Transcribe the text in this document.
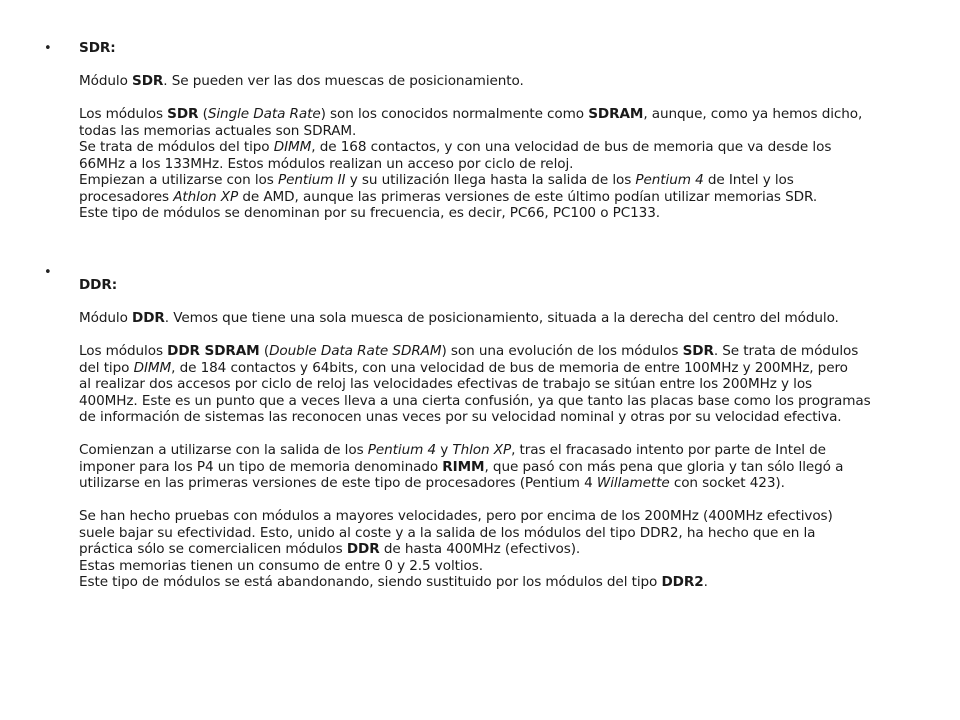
• SDR:
Módulo SDR. Se pueden ver las dos muescas de posicionamiento.
Los módulos SDR (Single Data Rate) son los conocidos normalmente como SDRAM, aunque, como ya hemos dicho,
todas las memorias actuales son SDRAM.
Se trata de módulos del tipo DIMM, de 168 contactos, y con una velocidad de bus de memoria que va desde los
66MHz a los 133MHz. Estos módulos realizan un acceso por ciclo de reloj.
Empiezan a utilizarse con los Pentium II y su utilización llega hasta la salida de los Pentium 4 de Intel y los
procesadores Athlon XP de AMD, aunque las primeras versiones de este último podían utilizar memorias SDR.
Este tipo de módulos se denominan por su frecuencia, es decir, PC66, PC100 o PC133.
•
DDR:
Módulo DDR. Vemos que tiene una sola muesca de posicionamiento, situada a la derecha del centro del módulo.
Los módulos DDR SDRAM (Double Data Rate SDRAM) son una evolución de los módulos SDR. Se trata de módulos
del tipo DIMM, de 184 contactos y 64bits, con una velocidad de bus de memoria de entre 100MHz y 200MHz, pero
al realizar dos accesos por ciclo de reloj las velocidades efectivas de trabajo se sitúan entre los 200MHz y los
400MHz. Este es un punto que a veces lleva a una cierta confusión, ya que tanto las placas base como los programas
de información de sistemas las reconocen unas veces por su velocidad nominal y otras por su velocidad efectiva.
Comienzan a utilizarse con la salida de los Pentium 4 y Thlon XP, tras el fracasado intento por parte de Intel de
imponer para los P4 un tipo de memoria denominado RIMM, que pasó con más pena que gloria y tan sólo llegó a
utilizarse en las primeras versiones de este tipo de procesadores (Pentium 4 Willamette con socket 423).
Se han hecho pruebas con módulos a mayores velocidades, pero por encima de los 200MHz (400MHz efectivos)
suele bajar su efectividad. Esto, unido al coste y a la salida de los módulos del tipo DDR2, ha hecho que en la
práctica sólo se comercialicen módulos DDR de hasta 400MHz (efectivos).
Estas memorias tienen un consumo de entre 0 y 2.5 voltios.
Este tipo de módulos se está abandonando, siendo sustituido por los módulos del tipo DDR2.
